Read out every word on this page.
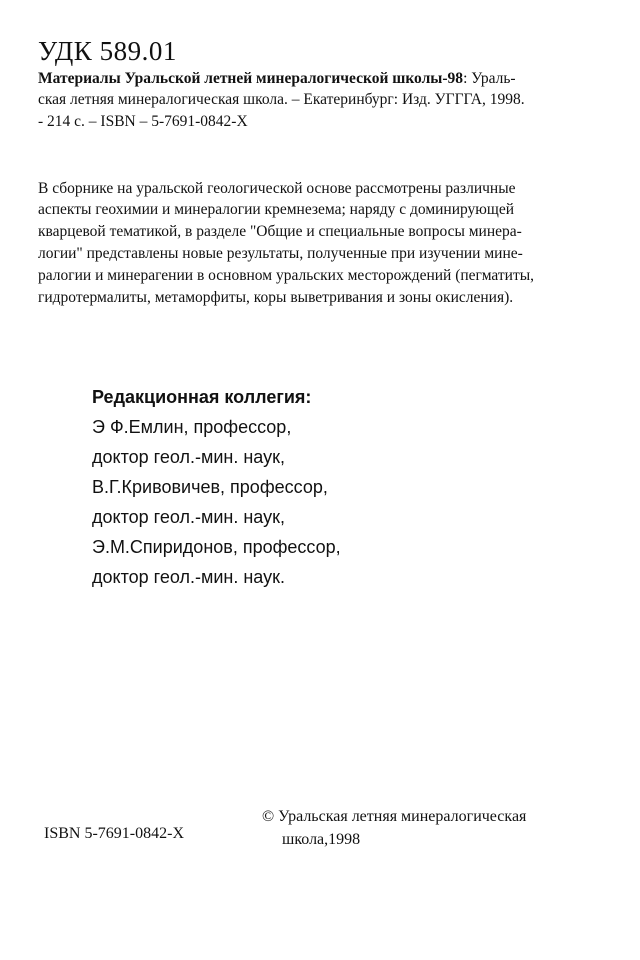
УДК 589.01
Материалы Уральской летней минералогической школы-98: Ураль-
ская летняя минералогическая школа. – Екатеринбург: Изд. УГГГА, 1998.
- 214 с. – ISBN – 5-7691-0842-X
В сборнике на уральской геологической основе рассмотрены различные
аспекты геохимии и минералогии кремнезема; наряду с доминирующей
кварцевой тематикой, в разделе "Общие и специальные вопросы минера-
логии" представлены новые результаты, полученные при изучении мине-
ралогии и минерагении в основном уральских месторождений (пегматиты,
гидротермалиты, метаморфиты, коры выветривания и зоны окисления).
Редакционная коллегия:
Э Ф.Емлин, профессор,
доктор геол.-мин. наук,
В.Г.Кривовичев, профессор,
доктор геол.-мин. наук,
Э.М.Спиридонов, профессор,
доктор геол.-мин. наук.
ISBN 5-7691-0842-X
© Уральская летняя минералогическая
школа,1998
